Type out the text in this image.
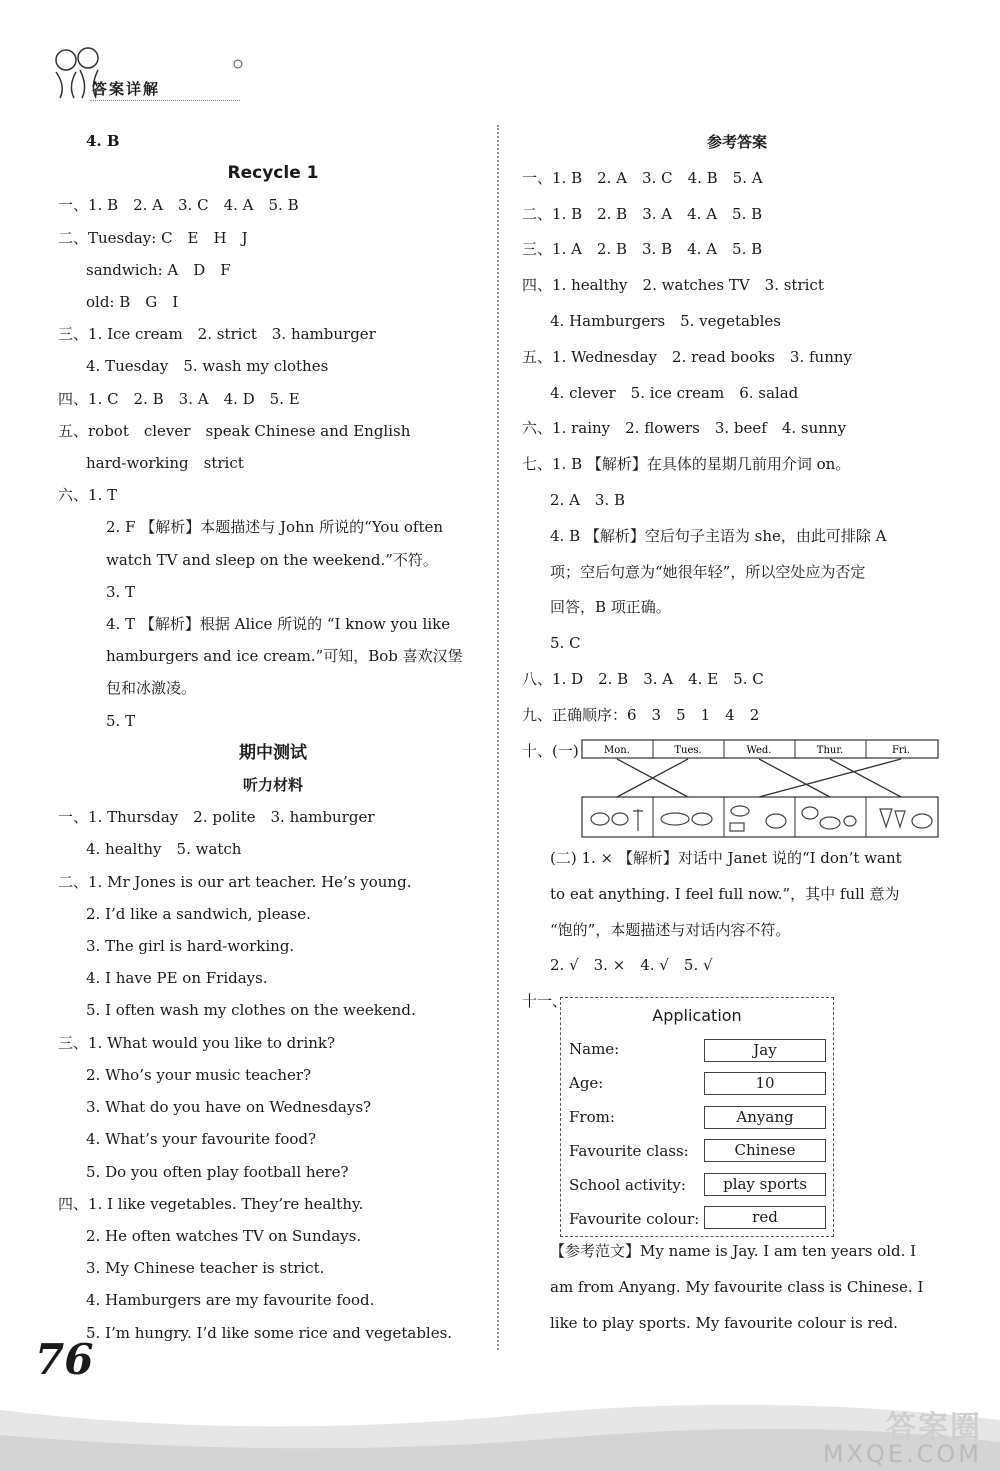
答案详解
4. B
Recycle 1
一、1. B　2. A　3. C　4. A　5. B
二、Tuesday: C　E　H　J
sandwich: A　D　F
old: B　G　I
三、1. Ice cream　2. strict　3. hamburger
4. Tuesday　5. wash my clothes
四、1. C　2. B　3. A　4. D　5. E
五、robot　clever　speak Chinese and English
hard-working　strict
六、1. T
2. F 【解析】本题描述与 John 所说的“You often
watch TV and sleep on the weekend.”不符。
3. T
4. T 【解析】根据 Alice 所说的 “I know you like
hamburgers and ice cream.”可知，Bob 喜欢汉堡
包和冰激凌。
5. T
期中测试
听力材料
一、1. Thursday　2. polite　3. hamburger
4. healthy　5. watch
二、1. Mr Jones is our art teacher. He’s young.
2. I’d like a sandwich, please.
3. The girl is hard-working.
4. I have PE on Fridays.
5. I often wash my clothes on the weekend.
三、1. What would you like to drink?
2. Who’s your music teacher?
3. What do you have on Wednesdays?
4. What’s your favourite food?
5. Do you often play football here?
四、1. I like vegetables. They’re healthy.
2. He often watches TV on Sundays.
3. My Chinese teacher is strict.
4. Hamburgers are my favourite food.
5. I’m hungry. I’d like some rice and vegetables.
参考答案
一、1. B　2. A　3. C　4. B　5. A
二、1. B　2. B　3. A　4. A　5. B
三、1. A　2. B　3. B　4. A　5. B
四、1. healthy　2. watches TV　3. strict
4. Hamburgers　5. vegetables
五、1. Wednesday　2. read books　3. funny
4. clever　5. ice cream　6. salad
六、1. rainy　2. flowers　3. beef　4. sunny
七、1. B 【解析】在具体的星期几前用介词 on。
2. A　3. B
4. B 【解析】空后句子主语为 she，由此可排除 A
项；空后句意为“她很年轻”，所以空处应为否定
回答，B 项正确。
5. C
八、1. D　2. B　3. A　4. E　5. C
九、正确顺序：6　3　5　1　4　2
十、(一)
(二) 1. × 【解析】对话中 Janet 说的“I don’t want
to eat anything. I feel full now.”，其中 full 意为
“饱的”，本题描述与对话内容不符。
2. √　3. ×　4. √　5. √
十一、
【参考范文】My name is Jay. I am ten years old. I
am from Anyang. My favourite class is Chinese. I
like to play sports. My favourite colour is red.
Mon.	Tues.	Wed.	Thur.	Fri.
Application
Name:	Jay
Age:	10
From:	Anyang
Favourite class:	Chinese
School activity:	play sports
Favourite colour:	red
76
答案圈
MXQE.COM
